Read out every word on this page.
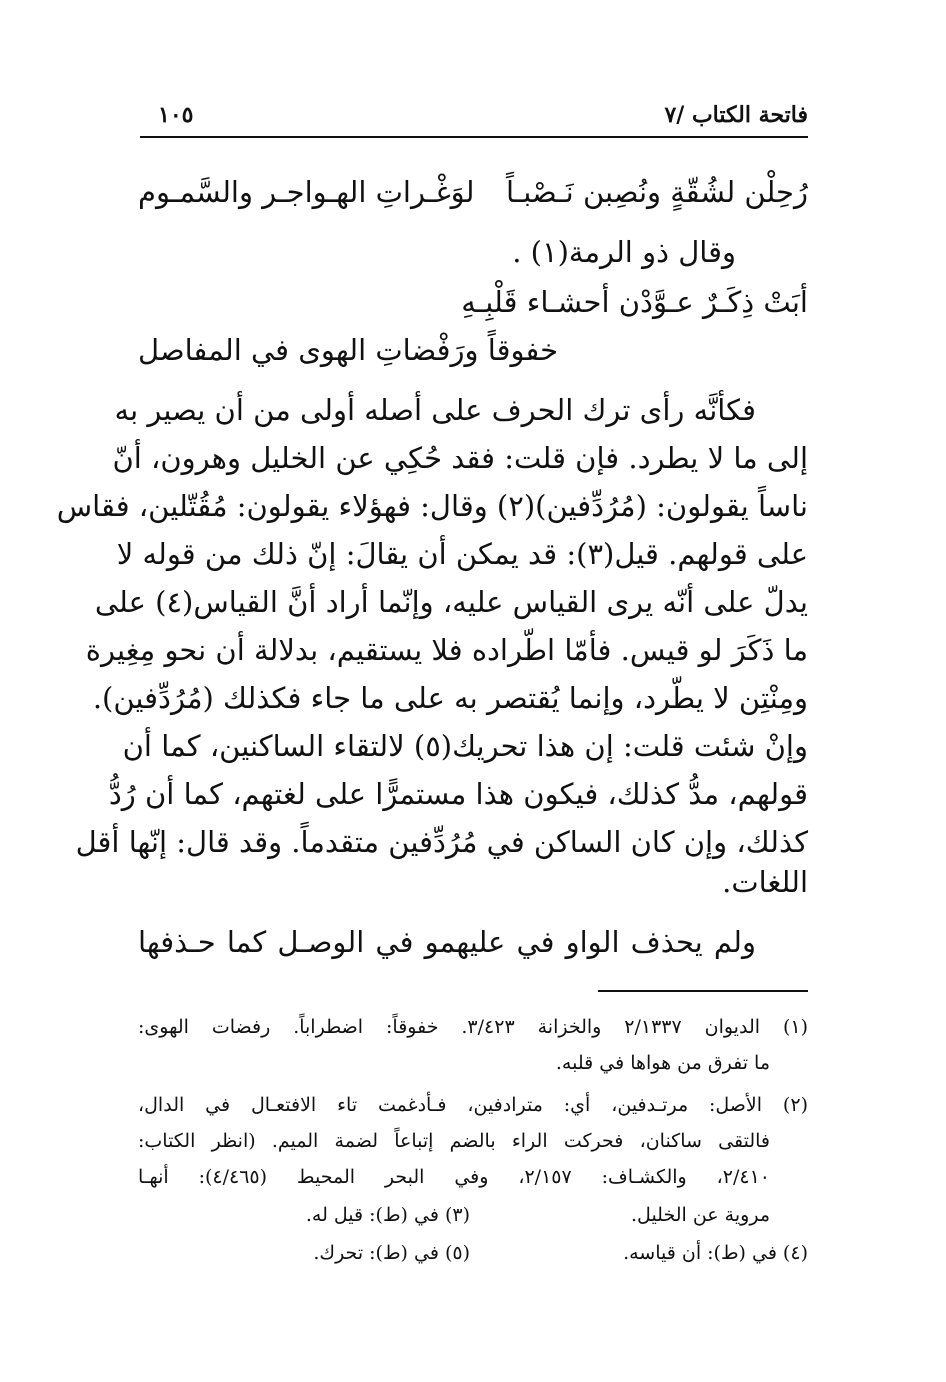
فاتحة الكتاب /٧
١٠٥
رُحِلْن لشُقّةٍ ونُصِبن نَـصْبـاً
لوَغْـراتِ الهـواجـر والسَّمـوم
وقال ذو الرمة(١) .
أبَتْ ذِكَـرٌ عـوَّدْن أحشـاء قَلْبِـهِ
خفوقاً ورَفْضاتِ الهوى في المفاصل
فكأنَّه رأى ترك الحرف على أصله أولى من أن يصير به
إلى ما لا يطرد. فإن قلت: فقد حُكِي عن الخليل وهرون، أنّ
ناساً يقولون: (مُرُدِّفين)(٢) وقال: فهؤلاء يقولون: مُقُتّلين، فقاس
على قولهم. قيل(٣): قد يمكن أن يقالَ: إنّ ذلك من قوله لا
يدلّ على أنّه يرى القياس عليه، وإنّما أراد أنَّ القياس(٤) على
ما ذَكَرَ لو قيس. فأمّا اطّراده فلا يستقيم، بدلالة أن نحو مِغِيرة
ومِنْتِن لا يطّرد، وإنما يُقتصر به على ما جاء فكذلك (مُرُدِّفين).
وإنْ شئت قلت: إن هذا تحريك(٥) لالتقاء الساكنين، كما أن
قولهم، مدُّ كذلك، فيكون هذا مستمرًّا على لغتهم، كما أن رُدُّ
كذلك، وإن كان الساكن في مُرُدِّفين متقدماً. وقد قال: إنّها أقل
اللغات.
ولم يحذف الواو في عليهمو في الوصـل كما حـذفها
(١) الديوان ٢/١٣٣٧ والخزانة ٣/٤٢٣. خفوقاً: اضطراباً. رفضات الهوى:
ما تفرق من هواها في قلبه.
(٢) الأصل: مرتـدفين، أي: مترادفين، فـأدغمت تاء الافتعـال في الدال،
فالتقى ساكنان، فحركت الراء بالضم إتباعاً لضمة الميم. (انظر الكتاب:
٢/٤١٠، والكشـاف: ٢/١٥٧، وفي البحر المحيط (٤/٤٦٥): أنهـا
مروية عن الخليل.
(٣) في (ط): قيل له.
(٤) في (ط): أن قياسه.
(٥) في (ط): تحرك.
